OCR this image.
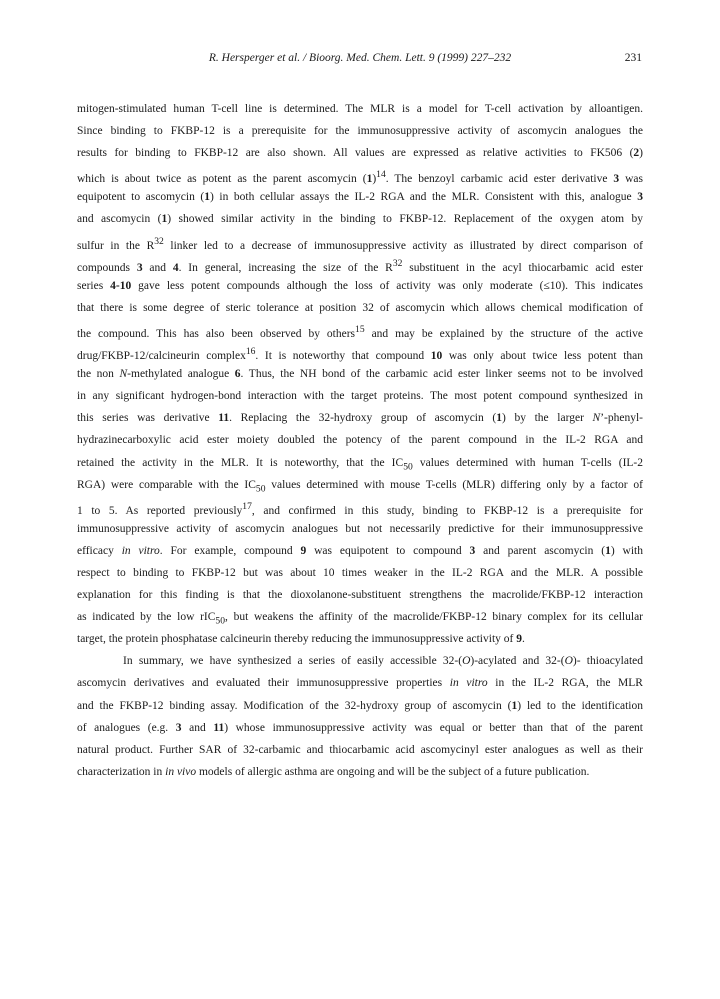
R. Hersperger et al. / Bioorg. Med. Chem. Lett. 9 (1999) 227–232	231
mitogen-stimulated human T-cell line is determined. The MLR is a model for T-cell activation by alloantigen.
Since binding to FKBP-12 is a prerequisite for the immunosuppressive activity of ascomycin analogues the
results for binding to FKBP-12 are also shown. All values are expressed as relative activities to FK506 (2)
which is about twice as potent as the parent ascomycin $(1)^{14}$. The benzoyl carbamic acid ester derivative 3 was
equipotent to ascomycin (1) in both cellular assays the IL-2 RGA and the MLR. Consistent with this, analogue 3
and ascomycin (1) showed similar activity in the binding to FKBP-12. Replacement of the oxygen atom by
sulfur in the $R^{32}$ linker led to a decrease of immunosuppressive activity as illustrated by direct comparison of
compounds 3 and 4. In general, increasing the size of the $R^{32}$ substituent in the acyl thiocarbamic acid ester
series 4-10 gave less potent compounds although the loss of activity was only moderate (≤10). This indicates
that there is some degree of steric tolerance at position 32 of ascomycin which allows chemical modification of
the compound. This has also been observed by others$^{15}$ and may be explained by the structure of the active
drug/FKBP-12/calcineurin complex$^{16}$. It is noteworthy that compound 10 was only about twice less potent than
the non N-methylated analogue 6. Thus, the NH bond of the carbamic acid ester linker seems not to be involved
in any significant hydrogen-bond interaction with the target proteins. The most potent compound synthesized in
this series was derivative 11. Replacing the 32-hydroxy group of ascomycin (1) by the larger N’-phenyl-
hydrazinecarboxylic acid ester moiety doubled the potency of the parent compound in the IL-2 RGA and
retained the activity in the MLR. It is noteworthy, that the $IC_{50}$ values determined with human T-cells (IL-2
RGA) were comparable with the $IC_{50}$ values determined with mouse T-cells (MLR) differing only by a factor of
1 to 5. As reported previously$^{17}$, and confirmed in this study, binding to FKBP-12 is a prerequisite for
immunosuppressive activity of ascomycin analogues but not necessarily predictive for their immunosuppressive
efficacy in vitro. For example, compound 9 was equipotent to compound 3 and parent ascomycin (1) with
respect to binding to FKBP-12 but was about 10 times weaker in the IL-2 RGA and the MLR. A possible
explanation for this finding is that the dioxolanone-substituent strengthens the macrolide/FKBP-12 interaction
as indicated by the low rIC$_{50}$, but weakens the affinity of the macrolide/FKBP-12 binary complex for its cellular
target, the protein phosphatase calcineurin thereby reducing the immunosuppressive activity of 9.
In summary, we have synthesized a series of easily accessible 32-(O)-acylated and 32-(O)- thioacylated
ascomycin derivatives and evaluated their immunosuppressive properties in vitro in the IL-2 RGA, the MLR
and the FKBP-12 binding assay. Modification of the 32-hydroxy group of ascomycin (1) led to the identification
of analogues (e.g. 3 and 11) whose immunosuppressive activity was equal or better than that of the parent
natural product. Further SAR of 32-carbamic and thiocarbamic acid ascomycinyl ester analogues as well as their
characterization in in vivo models of allergic asthma are ongoing and will be the subject of a future publication.
